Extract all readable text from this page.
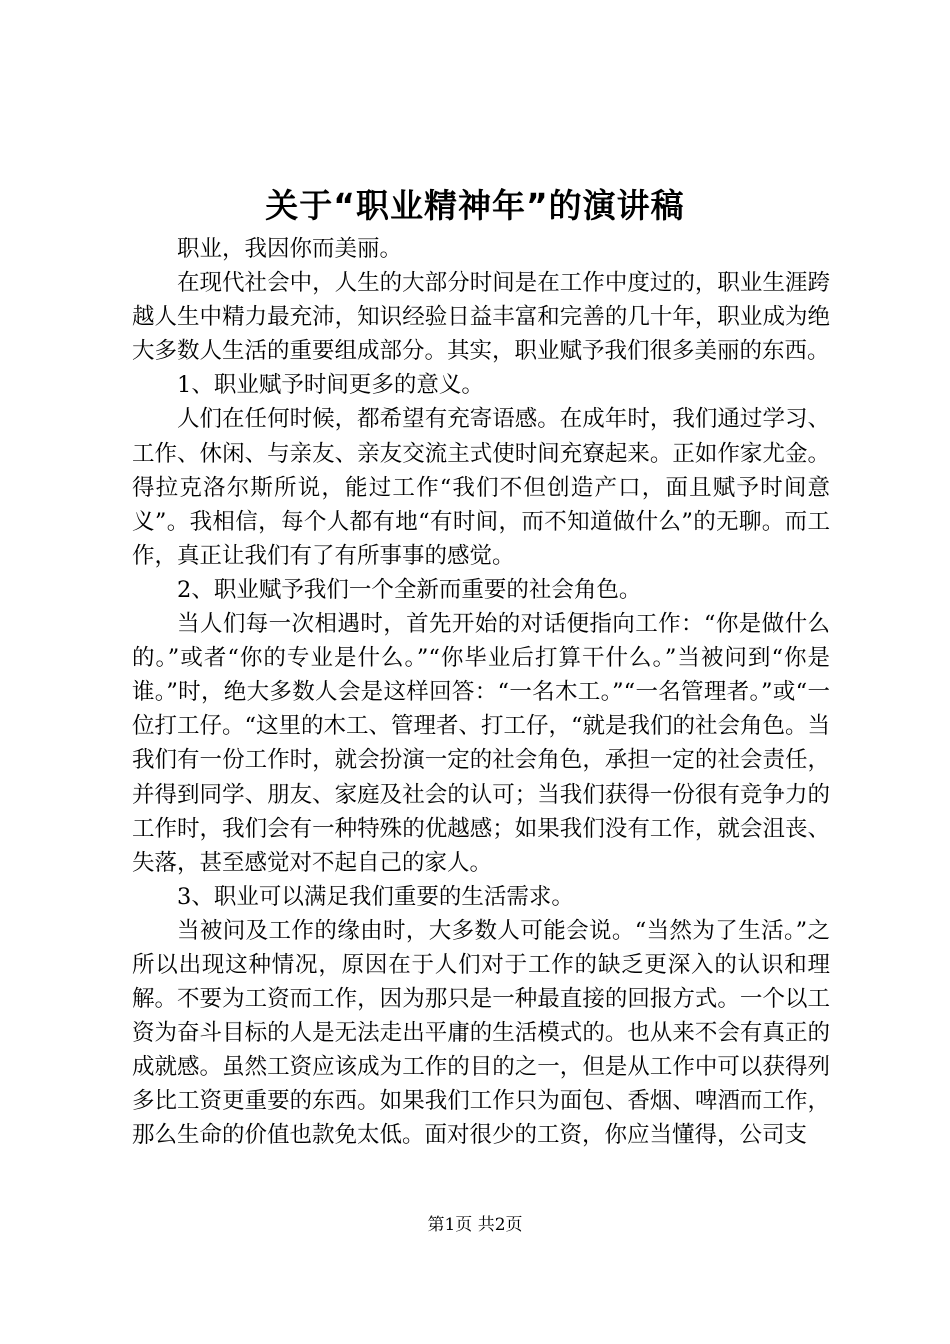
关于“职业精神年”的演讲稿

职业，我因你而美丽。

在现代社会中，人生的大部分时间是在工作中度过的，职业生涯跨越人生中精力最充沛，知识经验日益丰富和完善的几十年，职业成为绝大多数人生活的重要组成部分。其实，职业赋予我们很多美丽的东西。

1、职业赋予时间更多的意义。

人们在任何时候，都希望有充寄语感。在成年时，我们通过学习、工作、休闲、与亲友、亲友交流主式使时间充寮起来。正如作家尤金。得拉克洛尔斯所说，能过工作“我们不但创造产口，面且赋予时间意义”。我相信，每个人都有地“有时间，而不知道做什么”的无聊。而工作，真正让我们有了有所事事的感觉。

2、职业赋予我们一个全新而重要的社会角色。

当人们每一次相遇时，首先开始的对话便指向工作：“你是做什么的。”或者“你的专业是什么。”“你毕业后打算干什么。”当被问到“你是谁。”时，绝大多数人会是这样回答：“一名木工。”“一名管理者。”或“一位打工仔。“这里的木工、管理者、打工仔，“就是我们的社会角色。当我们有一份工作时，就会扮演一定的社会角色，承担一定的社会责任，并得到同学、朋友、家庭及社会的认可；当我们获得一份很有竞争力的工作时，我们会有一种特殊的优越感；如果我们没有工作，就会沮丧、失落，甚至感觉对不起自己的家人。

3、职业可以满足我们重要的生活需求。

当被问及工作的缘由时，大多数人可能会说。“当然为了生活。”之所以出现这种情况，原因在于人们对于工作的缺乏更深入的认识和理解。不要为工资而工作，因为那只是一种最直接的回报方式。一个以工资为奋斗目标的人是无法走出平庸的生活模式的。也从来不会有真正的成就感。虽然工资应该成为工作的目的之一，但是从工作中可以获得列多比工资更重要的东西。如果我们工作只为面包、香烟、啤酒而工作，那么生命的价值也款免太低。面对很少的工资，你应当懂得，公司支

第1页 共2页
